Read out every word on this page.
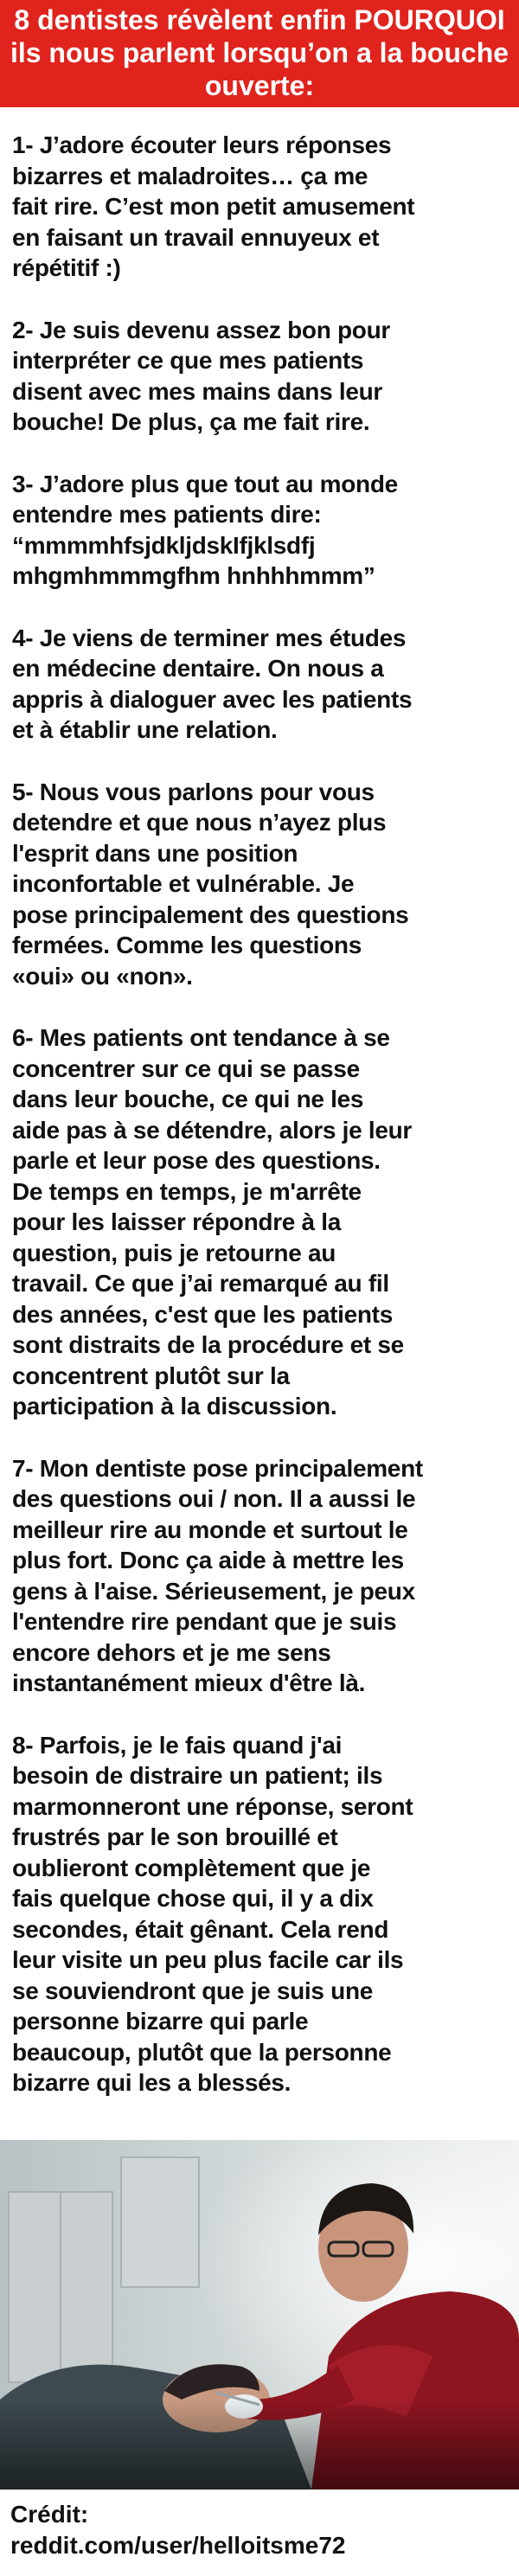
8 dentistes révèlent enfin POURQUOI ils nous parlent lorsqu’on a la bouche ouverte:

1- J’adore écouter leurs réponses
bizarres et maladroites… ça me
fait rire. C’est mon petit amusement
en faisant un travail ennuyeux et
répétitif :)

2- Je suis devenu assez bon pour
interpréter ce que mes patients
disent avec mes mains dans leur
bouche! De plus, ça me fait rire.

3- J’adore plus que tout au monde
entendre mes patients dire:
“mmmmhfsjdkljdskIfjklsdfj
mhgmhmmmgfhm hnhhhmmm”

4- Je viens de terminer mes études
en médecine dentaire. On nous a
appris à dialoguer avec les patients
et à établir une relation.

5- Nous vous parlons pour vous
detendre et que nous n’ayez plus
l'esprit dans une position
inconfortable et vulnérable. Je
pose principalement des questions
fermées. Comme les questions
«oui» ou «non».

6- Mes patients ont tendance à se
concentrer sur ce qui se passe
dans leur bouche, ce qui ne les
aide pas à se détendre, alors je leur
parle et leur pose des questions.
De temps en temps, je m'arrête
pour les laisser répondre à la
question, puis je retourne au
travail. Ce que j’ai remarqué au fil
des années, c'est que les patients
sont distraits de la procédure et se
concentrent plutôt sur la
participation à la discussion.

7- Mon dentiste pose principalement
des questions oui / non. Il a aussi le
meilleur rire au monde et surtout le
plus fort. Donc ça aide à mettre les
gens à l'aise. Sérieusement, je peux
l'entendre rire pendant que je suis
encore dehors et je me sens
instantanément mieux d'être là.

8- Parfois, je le fais quand j'ai
besoin de distraire un patient; ils
marmonneront une réponse, seront
frustrés par le son brouillé et
oublieront complètement que je
fais quelque chose qui, il y a dix
secondes, était gênant. Cela rend
leur visite un peu plus facile car ils
se souviendront que je suis une
personne bizarre qui parle
beaucoup, plutôt que la personne
bizarre qui les a blessés.

Crédit:
reddit.com/user/helloitsme72
